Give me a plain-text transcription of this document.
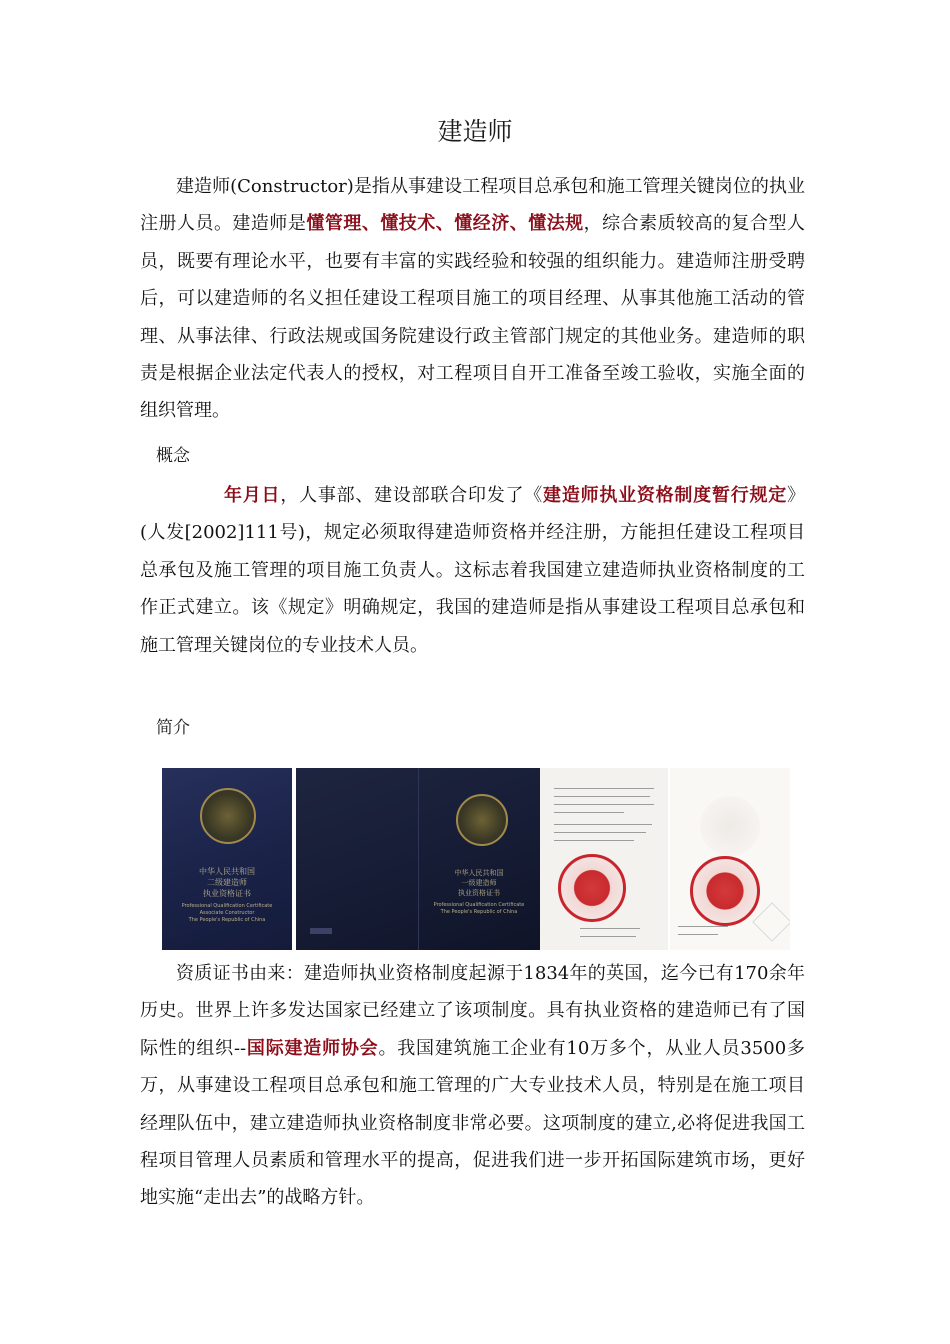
建造师

建造师(Constructor)是指从事建设工程项目总承包和施工管理关键岗位的执业注册人员。建造师是懂管理、懂技术、懂经济、懂法规，综合素质较高的复合型人员，既要有理论水平，也要有丰富的实践经验和较强的组织能力。建造师注册受聘后，可以建造师的名义担任建设工程项目施工的项目经理、从事其他施工活动的管理、从事法律、行政法规或国务院建设行政主管部门规定的其他业务。建造师的职责是根据企业法定代表人的授权，对工程项目自开工准备至竣工验收，实施全面的组织管理。

概念

年月日，人事部、建设部联合印发了《建造师执业资格制度暂行规定》(人发[2002]111号)，规定必须取得建造师资格并经注册，方能担任建设工程项目总承包及施工管理的项目施工负责人。这标志着我国建立建造师执业资格制度的工作正式建立。该《规定》明确规定，我国的建造师是指从事建设工程项目总承包和施工管理关键岗位的专业技术人员。

简介
中华人民共和国
二级建造师
执业资格证书
Professional Qualification Certificate
Associate Constructor
The People's Republic of China
中华人民共和国
一级建造师
执业资格证书
Professional Qualification Certificate
The People's Republic of China

资质证书由来：建造师执业资格制度起源于1834年的英国，迄今已有170余年历史。世界上许多发达国家已经建立了该项制度。具有执业资格的建造师已有了国际性的组织--国际建造师协会。我国建筑施工企业有10万多个，从业人员3500多万，从事建设工程项目总承包和施工管理的广大专业技术人员，特别是在施工项目经理队伍中，建立建造师执业资格制度非常必要。这项制度的建立,必将促进我国工程项目管理人员素质和管理水平的提高，促进我们进一步开拓国际建筑市场，更好地实施“走出去”的战略方针。
